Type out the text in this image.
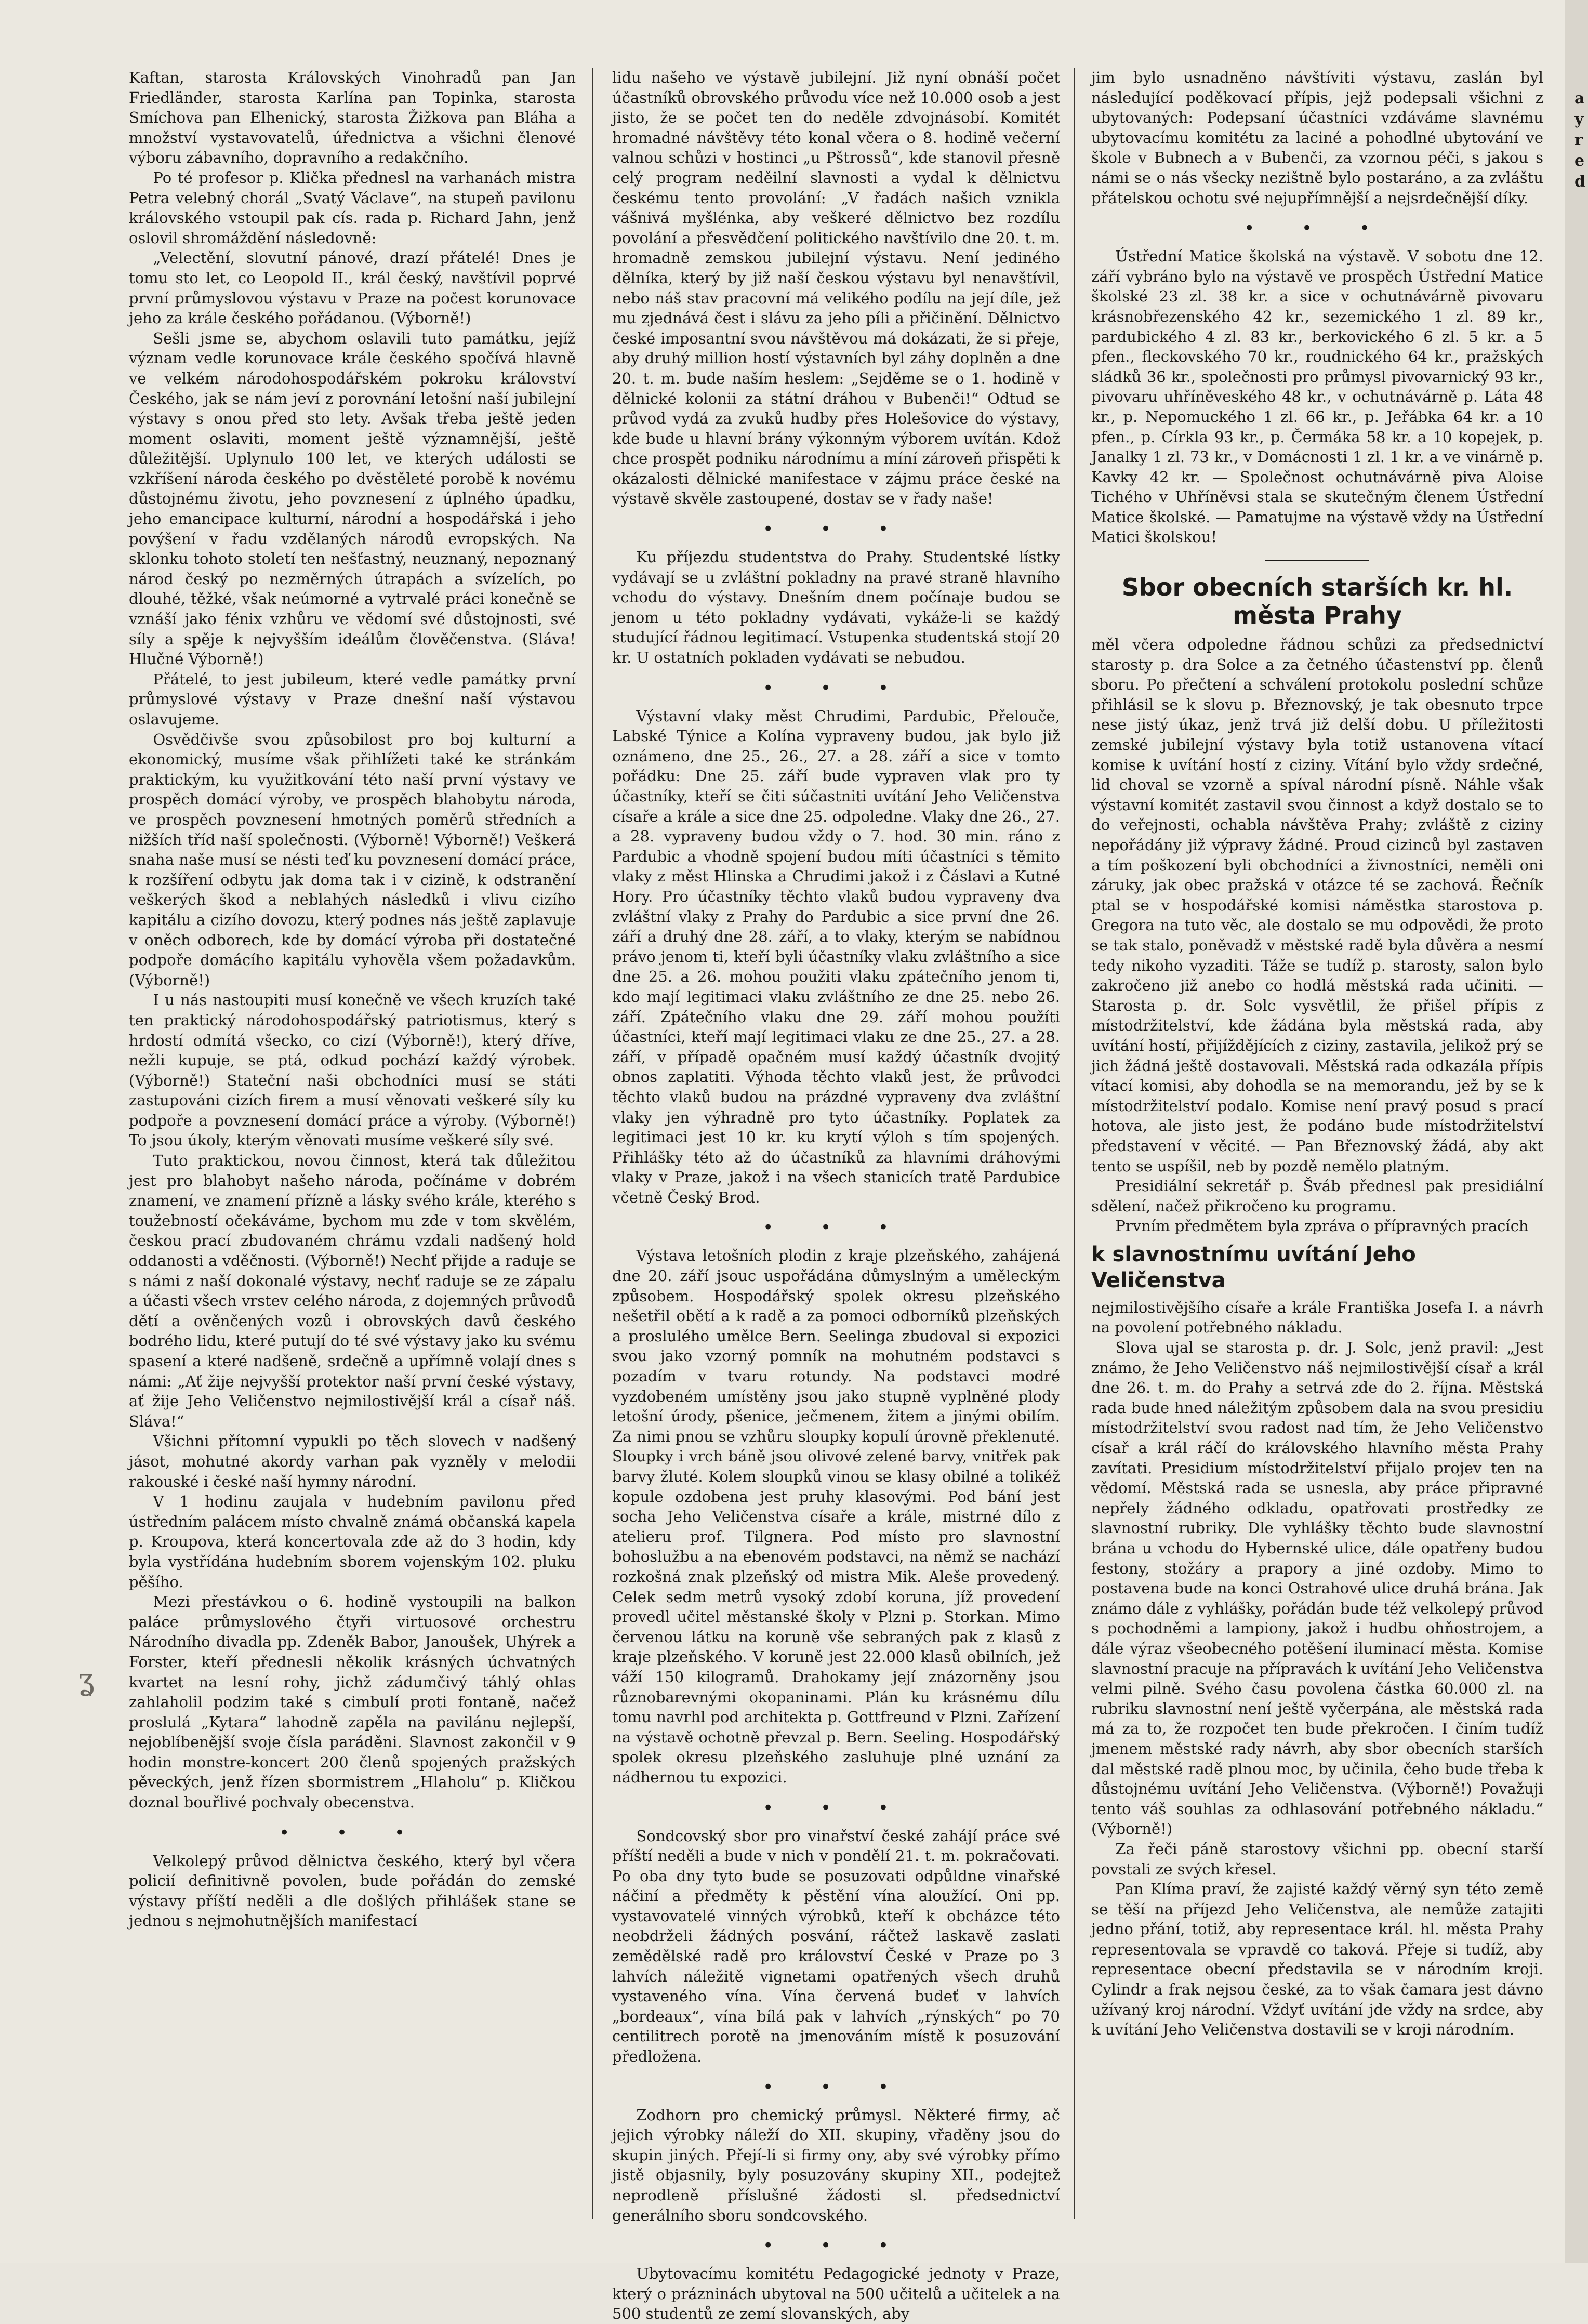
Kaftan, starosta Královských Vinohradů pan Jan Friedländer, starosta Karlína pan Topinka, starosta Smíchova pan Elhenický, starosta Žižkova pan Bláha a množství vystavovatelů, úřednictva a všichni členové výboru zábavního, dopravního a redakčního.

Po té profesor p. Klička přednesl na varhanách mistra Petra velebný chorál „Svatý Václave“, na stupeň pavilonu královského vstoupil pak cís. rada p. Richard Jahn, jenž oslovil shromáždění následovně:

„Velectění, slovutní pánové, drazí přátelé! Dnes je tomu sto let, co Leopold II., král český, navštívil poprvé první průmyslovou výstavu v Praze na počest korunovace jeho za krále českého pořádanou. (Výborně!)

Sešli jsme se, abychom oslavili tuto památku, jejíž význam vedle korunovace krále českého spočívá hlavně ve velkém národohospodářském pokroku království Českého, jak se nám jeví z porovnání letošní naší jubilejní výstavy s onou před sto lety. Avšak třeba ještě jeden moment oslaviti, moment ještě významnější, ještě důležitější. Uplynulo 100 let, ve kterých události se vzkříšení národa českého po dvěstěleté porobě k novému důstojnému životu, jeho povznesení z úplného úpadku, jeho emancipace kulturní, národní a hospodářská i jeho povýšení v řadu vzdělaných národů evropských. Na sklonku tohoto století ten nešťastný, neuznaný, nepoznaný národ český po nezměrných útrapách a svízelích, po dlouhé, těžké, však neúmorné a vytrvalé práci konečně se vznáší jako fénix vzhůru ve vědomí své důstojnosti, své síly a spěje k nejvyšším ideálům člověčenstva. (Sláva! Hlučné Výborně!)

Přátelé, to jest jubileum, které vedle památky první průmyslové výstavy v Praze dnešní naší výstavou oslavujeme.

Osvědčivše svou způsobilost pro boj kulturní a ekonomický, musíme však přihlížeti také ke stránkám praktickým, ku využitkování této naší první výstavy ve prospěch domácí výroby, ve prospěch blahobytu národa, ve prospěch povznesení hmotných poměrů středních a nižších tříd naší společnosti. (Výborně! Výborně!) Veškerá snaha naše musí se nésti teď ku povznesení domácí práce, k rozšíření odbytu jak doma tak i v cizině, k odstranění veškerých škod a neblahých následků i vlivu cizího kapitálu a cizího dovozu, který podnes nás ještě zaplavuje v oněch odborech, kde by domácí výroba při dostatečné podpoře domácího kapitálu vyhověla všem požadavkům. (Výborně!)

I u nás nastoupiti musí konečně ve všech kruzích také ten praktický národohospodářský patriotismus, který s hrdostí odmítá všecko, co cizí (Výborně!), který dříve, nežli kupuje, se ptá, odkud pochází každý výrobek. (Výborně!) Stateční naši obchodníci musí se státi zastupováni cizích firem a musí věnovati veškeré síly ku podpoře a povznesení domácí práce a výroby. (Výborně!) To jsou úkoly, kterým věnovati musíme veškeré síly své.

Tuto praktickou, novou činnost, která tak důležitou jest pro blahobyt našeho národa, počínáme v dobrém znamení, ve znamení přízně a lásky svého krále, kterého s toužebností očekáváme, bychom mu zde v tom skvělém, českou prací zbudovaném chrámu vzdali nadšený hold oddanosti a vděčnosti. (Výborně!) Nechť přijde a raduje se s námi z naší dokonalé výstavy, nechť raduje se ze zápalu a účasti všech vrstev celého národa, z dojemných průvodů dětí a ověnčených vozů i obrovských davů českého bodrého lidu, které putují do té své výstavy jako ku svému spasení a které nadšeně, srdečně a upřímně volají dnes s námi: „Ať žije nejvyšší protektor naší první české výstavy, ať žije Jeho Veličenstvo nejmilostivější král a císař náš. Sláva!“

Všichni přítomní vypukli po těch slovech v nadšený jásot, mohutné akordy varhan pak vyzněly v melodii rakouské i české naší hymny národní.

V 1 hodinu zaujala v hudebním pavilonu před ústředním palácem místo chvalně známá občanská kapela p. Kroupova, která koncertovala zde až do 3 hodin, kdy byla vystřídána hudebním sborem vojenským 102. pluku pěšího.

Mezi přestávkou o 6. hodině vystoupili na balkon paláce průmyslového čtyři virtuosové orchestru Národního divadla pp. Zdeněk Babor, Janoušek, Uhýrek a Forster, kteří přednesli několik krásných úchvatných kvartet na lesní rohy, jichž zádumčivý táhlý ohlas zahlaholil podzim také s cimbulí proti fontaně, načež proslulá „Kytara“ lahodně zapěla na pavilánu nejlepší, nejoblíbenější svoje čísla paráděni. Slavnost zakončil v 9 hodin monstre-koncert 200 členů spojených pražských pěveckých, jenž řízen sbormistrem „Hlaholu“ p. Kličkou doznal bouřlivé pochvaly obecenstva.

• • •

Velkolepý průvod dělnictva českého, který byl včera policií definitivně povolen, bude pořádán do zemské výstavy příští neděli a dle došlých přihlášek stane se jednou s nejmohutnějších manifestací

lidu našeho ve výstavě jubilejní. Již nyní obnáší počet účastníků obrovského průvodu více než 10.000 osob a jest jisto, že se počet ten do neděle zdvojnásobí. Komitét hromadné návštěvy této konal včera o 8. hodině večerní valnou schůzi v hostinci „u Pštrossů“, kde stanovil přesně celý program neděilní slavnosti a vydal k dělnictvu českému tento provolání: „V řadách našich vznikla vášnivá myšlénka, aby veškeré dělnictvo bez rozdílu povolání a přesvědčení politického navštívilo dne 20. t. m. hromadně zemskou jubilejní výstavu. Není jediného dělníka, který by již naší českou výstavu byl nenavštívil, nebo náš stav pracovní má velikého podílu na její díle, jež mu zjednává čest i slávu za jeho píli a přičinění. Dělnictvo české imposantní svou návštěvou má dokázati, že si přeje, aby druhý million hostí výstavních byl záhy doplněn a dne 20. t. m. bude naším heslem: „Sejděme se o 1. hodině v dělnické kolonii za státní dráhou v Bubenči!“ Odtud se průvod vydá za zvuků hudby přes Holešovice do výstavy, kde bude u hlavní brány výkonným výborem uvítán. Kdož chce prospět podniku národnímu a míní zároveň přispěti k okázalosti dělnické manifestace v zájmu práce české na výstavě skvěle zastoupené, dostav se v řady naše!

• • •

Ku příjezdu studentstva do Prahy. Studentské lístky vydávají se u zvláštní pokladny na pravé straně hlavního vchodu do výstavy. Dnešním dnem počínaje budou se jenom u této pokladny vydávati, vykáže-li se každý studující řádnou legitimací. Vstupenka studentská stojí 20 kr. U ostatních pokladen vydávati se nebudou.

• • •

Výstavní vlaky měst Chrudimi, Pardubic, Přelouče, Labské Týnice a Kolína vypraveny budou, jak bylo již oznámeno, dne 25., 26., 27. a 28. září a sice v tomto pořádku: Dne 25. září bude vypraven vlak pro ty účastníky, kteří se čiti súčastniti uvítání Jeho Veličenstva císaře a krále a sice dne 25. odpoledne. Vlaky dne 26., 27. a 28. vypraveny budou vždy o 7. hod. 30 min. ráno z Pardubic a vhodně spojení budou míti účastníci s těmito vlaky z měst Hlinska a Chrudimi jakož i z Čáslavi a Kutné Hory. Pro účastníky těchto vlaků budou vypraveny dva zvláštní vlaky z Prahy do Pardubic a sice první dne 26. září a druhý dne 28. září, a to vlaky, kterým se nabídnou právo jenom ti, kteří byli účastníky vlaku zvláštního a sice dne 25. a 26. mohou použiti vlaku zpátečního jenom ti, kdo mají legitimaci vlaku zvláštního ze dne 25. nebo 26. září. Zpátečního vlaku dne 29. září mohou použíti účastníci, kteří mají legitimaci vlaku ze dne 25., 27. a 28. září, v případě opačném musí každý účastník dvojitý obnos zaplatiti. Výhoda těchto vlaků jest, že průvodci těchto vlaků budou na prázdné vypraveny dva zvláštní vlaky jen výhradně pro tyto účastníky. Poplatek za legitimaci jest 10 kr. ku krytí výloh s tím spojených. Přihlášky této až do účastníků za hlavními dráhovými vlaky v Praze, jakož i na všech stanicích tratě Pardubice včetně Český Brod.

• • •

Výstava letošních plodin z kraje plzeňského, zahájená dne 20. září jsouc uspořádána důmyslným a uměleckým způsobem. Hospodářský spolek okresu plzeňského nešetřil obětí a k radě a za pomoci odborníků plzeňských a proslulého umělce Bern. Seelinga zbudoval si expozici svou jako vzorný pomník na mohutném podstavci s pozadím v tvaru rotundy. Na podstavci modré vyzdobeném umístěny jsou jako stupně vyplněné plody letošní úrody, pšenice, ječmenem, žitem a jinými obilím. Za nimi pnou se vzhůru sloupky kopulí úrovně překlenuté. Sloupky i vrch báně jsou olivové zelené barvy, vnitřek pak barvy žluté. Kolem sloupků vinou se klasy obilné a tolikéž kopule ozdobena jest pruhy klasovými. Pod bání jest socha Jeho Veličenstva císaře a krále, mistrné dílo z atelieru prof. Tilgnera. Pod místo pro slavnostní bohoslužbu a na ebenovém podstavci, na němž se nachází rozkošná znak plzeňský od mistra Mik. Aleše provedený. Celek sedm metrů vysoký zdobí koruna, jíž provedení provedl učitel městanské školy v Plzni p. Storkan. Mimo červenou látku na koruně vše sebraných pak z klasů z kraje plzeňského. V koruně jest 22.000 klasů obilních, jež váží 150 kilogramů. Drahokamy její znázorněny jsou různobarevnými okopaninami. Plán ku krásnému dílu tomu navrhl pod architekta p. Gottfreund v Plzni. Zařízení na výstavě ochotně převzal p. Bern. Seeling. Hospodářský spolek okresu plzeňského zasluhuje plné uznání za nádhernou tu expozici.

• • •

Sondcovský sbor pro vinařství české zahájí práce své příští neděli a bude v nich v pondělí 21. t. m. pokračovati. Po oba dny tyto bude se posuzovati odpůldne vinařské náčiní a předměty k pěstění vína aloužící. Oni pp. vystavovatelé vinných výrobků, kteří k obcházce této neobdrželi žádných posvání, ráčtež laskavě zaslati zemědělské radě pro království České v Praze po 3 lahvích náležitě vignetami opatřených všech druhů vystaveného vína. Vína červená budeť v lahvích „bordeaux“, vína bílá pak v lahvích „rýnských“ po 70 centilitrech porotě na jmenováním místě k posuzování předložena.

• • •

Zodhorn pro chemický průmysl. Některé firmy, ač jejich výrobky náleží do XII. skupiny, vřaděny jsou do skupin jiných. Přejí-li si firmy ony, aby své výrobky přímo jistě objasnily, byly posuzovány skupiny XII., podejtež neprodleně příslušné žádosti sl. předsednictví generálního sboru sondcovského.

• • •

Ubytovacímu komitétu Pedagogické jednoty v Praze, který o prázninách ubytoval na 500 učitelů a učitelek a na 500 studentů ze zemí slovanských, aby

jim bylo usnadněno návštíviti výstavu, zaslán byl následující poděkovací přípis, jejž podepsali všichni z ubytovaných: Podepsaní účastníci vzdáváme slavnému ubytovacímu komitétu za laciné a pohodlné ubytování ve škole v Bubnech a v Bubenči, za vzornou péči, s jakou s námi se o nás všecky nezištně bylo postaráno, a za zvláštu přátelskou ochotu své nejupřímnější a nejsrdečnější díky.

• • •

Ústřední Matice školská na výstavě. V sobotu dne 12. září vybráno bylo na výstavě ve prospěch Ústřední Matice školské 23 zl. 38 kr. a sice v ochutnávárně pivovaru krásnobřezenského 42 kr., sezemického 1 zl. 89 kr., pardubického 4 zl. 83 kr., berkovického 6 zl. 5 kr. a 5 pfen., fleckovského 70 kr., roudnického 64 kr., pražských sládků 36 kr., společnosti pro průmysl pivovarnický 93 kr., pivovaru uhříněveského 48 kr., v ochutnávárně p. Láta 48 kr., p. Nepomuckého 1 zl. 66 kr., p. Jeřábka 64 kr. a 10 pfen., p. Církla 93 kr., p. Čermáka 58 kr. a 10 kopejek, p. Janalky 1 zl. 73 kr., v Domácnosti 1 zl. 1 kr. a ve vinárně p. Kavky 42 kr. — Společnost ochutnávárně piva Aloise Tichého v Uhříněvsi stala se skutečným členem Ústřední Matice školské. — Pamatujme na výstavě vždy na Ústřední Matici školskou!

Sbor obecních starších kr. hl. města Prahy

měl včera odpoledne řádnou schůzi za předsednictví starosty p. dra Solce a za četného účastenství pp. členů sboru. Po přečtení a schválení protokolu poslední schůze přihlásil se k slovu p. Březnovský, je tak obesnuto trpce nese jistý úkaz, jenž trvá již delší dobu. U příležitosti zemské jubilejní výstavy byla totiž ustanovena vítací komise k uvítání hostí z ciziny. Vítání bylo vždy srdečné, lid choval se vzorně a spíval národní písně. Náhle však výstavní komitét zastavil svou činnost a když dostalo se to do veřejnosti, ochabla návštěva Prahy; zvláště z ciziny nepořádány již výpravy žádné. Proud cizinců byl zastaven a tím poškození byli obchodníci a živnostníci, neměli oni záruky, jak obec pražská v otázce té se zachová. Řečník ptal se v hospodářské komisi náměstka starostova p. Gregora na tuto věc, ale dostalo se mu odpovědi, že proto se tak stalo, poněvadž v městské radě byla důvěra a nesmí tedy nikoho vyzaditi. Táže se tudíž p. starosty, salon bylo zakročeno již anebo co hodlá městská rada učiniti. — Starosta p. dr. Solc vysvětlil, že přišel přípis z místodržitelství, kde žádána byla městská rada, aby uvítání hostí, přijíždějících z ciziny, zastavila, jelikož prý se jich žádná ještě dostavovali. Městská rada odkazála přípis vítací komisi, aby dohodla se na memorandu, jež by se k místodržitelství podalo. Komise není pravý posud s prací hotova, ale jisto jest, že podáno bude místodržitelství představení v věcité. — Pan Březnovský žádá, aby akt tento se uspíšil, neb by pozdě nemělo platným.

Presidiální sekretář p. Šváb přednesl pak presidiální sdělení, načež přikročeno ku programu.

Prvním předmětem byla zpráva o přípravných pracích

k slavnostnímu uvítání Jeho Veličenstva

nejmilostivějšího císaře a krále Františka Josefa I. a návrh na povolení potřebného nákladu.

Slova ujal se starosta p. dr. J. Solc, jenž pravil: „Jest známo, že Jeho Veličenstvo náš nejmilostivější císař a král dne 26. t. m. do Prahy a setrvá zde do 2. října. Městská rada bude hned náležitým způsobem dala na svou presidiu místodržitelství svou radost nad tím, že Jeho Veličenstvo císař a král ráčí do královského hlavního města Prahy zavítati. Presidium místodržitelství přijalo projev ten na vědomí. Městská rada se usnesla, aby práce připravné nepřely žádného odkladu, opatřovati prostředky ze slavnostní rubriky. Dle vyhlášky těchto bude slavnostní brána u vchodu do Hybernské ulice, dále opatřeny budou festony, stožáry a prapory a jiné ozdoby. Mimo to postavena bude na konci Ostrahové ulice druhá brána. Jak známo dále z vyhlášky, pořádán bude též velkolepý průvod s pochodněmi a lampiony, jakož i hudbu ohňostrojem, a dále výraz všeobecného potěšení iluminací města. Komise slavnostní pracuje na přípravách k uvítání Jeho Veličenstva velmi pilně. Svého času povolena částka 60.000 zl. na rubriku slavnostní není ještě vyčerpána, ale městská rada má za to, že rozpočet ten bude překročen. I činím tudíž jmenem městské rady návrh, aby sbor obecních starších dal městské radě plnou moc, by učinila, čeho bude třeba k důstojnému uvítání Jeho Veličenstva. (Výborně!) Považuji tento váš souhlas za odhlasování potřebného nákladu.“ (Výborně!)

Za řeči páně starostovy všichni pp. obecní starší povstali ze svých křesel.

Pan Klíma praví, že zajisté každý věrný syn této země se těší na příjezd Jeho Veličenstva, ale nemůže zatajiti jedno přání, totiž, aby representace král. hl. města Prahy representovala se vpravdě co taková. Přeje si tudíž, aby representace obecní představila se v národním kroji. Cylindr a frak nejsou české, za to však čamara jest dávno užívaný kroj národní. Vždyť uvítání jde vždy na srdce, aby k uvítání Jeho Veličenstva dostavili se v kroji národním.

a
y
r
e
d
ʓ
